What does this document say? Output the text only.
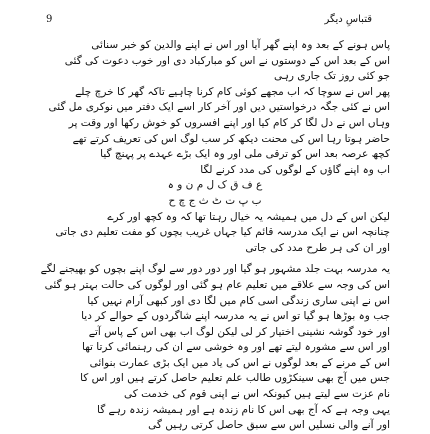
9	قتباسِ دیگر
پاس ہونے کے بعد وہ اپنے گھر آیا اور اس نے اپنے والدین کو خبر سنائی
اس کے بعد اس کے دوستوں نے اس کو مبارکباد دی اور خوب دعوت کی گئی
جو کئی روز تک جاری رہی
پھر اس نے سوچا کہ اب مجھے کوئی کام کرنا چاہیے تاکہ گھر کا خرچ چلے
اس نے کئی جگہ درخواستیں دیں اور آخر کار اسے ایک دفتر میں نوکری مل گئی
وہاں اس نے دل لگا کر کام کیا اور اپنے افسروں کو خوش رکھا اور وقت پر
حاضر ہوتا رہا اس کی محنت دیکھ کر سب لوگ اس کی تعریف کرتے تھے
کچھ عرصہ بعد اس کو ترقی ملی اور وہ ایک بڑے عہدے پر پہنچ گیا
اب وہ اپنے گاؤں کے لوگوں کی مدد کرنے لگا
ع ف ق ک ل م ن و ہ
ب پ ت ٹ ث ج چ ح
لیکن اس کے دل میں ہمیشہ یہ خیال رہتا تھا کہ وہ کچھ اور کرے
چنانچہ اس نے ایک مدرسہ قائم کیا جہاں غریب بچوں کو مفت تعلیم دی جاتی
اور ان کی ہر طرح مدد کی جاتی
یہ مدرسہ بہت جلد مشہور ہو گیا اور دور دور سے لوگ اپنے بچوں کو بھیجنے لگے
اس کی وجہ سے علاقے میں تعلیم عام ہو گئی اور لوگوں کی حالت بہتر ہو گئی
اس نے اپنی ساری زندگی اسی کام میں لگا دی اور کبھی آرام نہیں کیا
جب وہ بوڑھا ہو گیا تو اس نے یہ مدرسہ اپنے شاگردوں کے حوالے کر دیا
اور خود گوشہ نشینی اختیار کر لی لیکن لوگ اب بھی اس کے پاس آتے
اور اس سے مشورہ لیتے تھے اور وہ خوشی سے ان کی رہنمائی کرتا تھا
اس کے مرنے کے بعد لوگوں نے اس کی یاد میں ایک بڑی عمارت بنوائی
جس میں آج بھی سینکڑوں طالب علم تعلیم حاصل کرتے ہیں اور اس کا
نام عزت سے لیتے ہیں کیونکہ اس نے اپنی قوم کی خدمت کی
یہی وجہ ہے کہ آج بھی اس کا نام زندہ ہے اور ہمیشہ زندہ رہے گا
اور آنے والی نسلیں اس سے سبق حاصل کرتی رہیں گی
